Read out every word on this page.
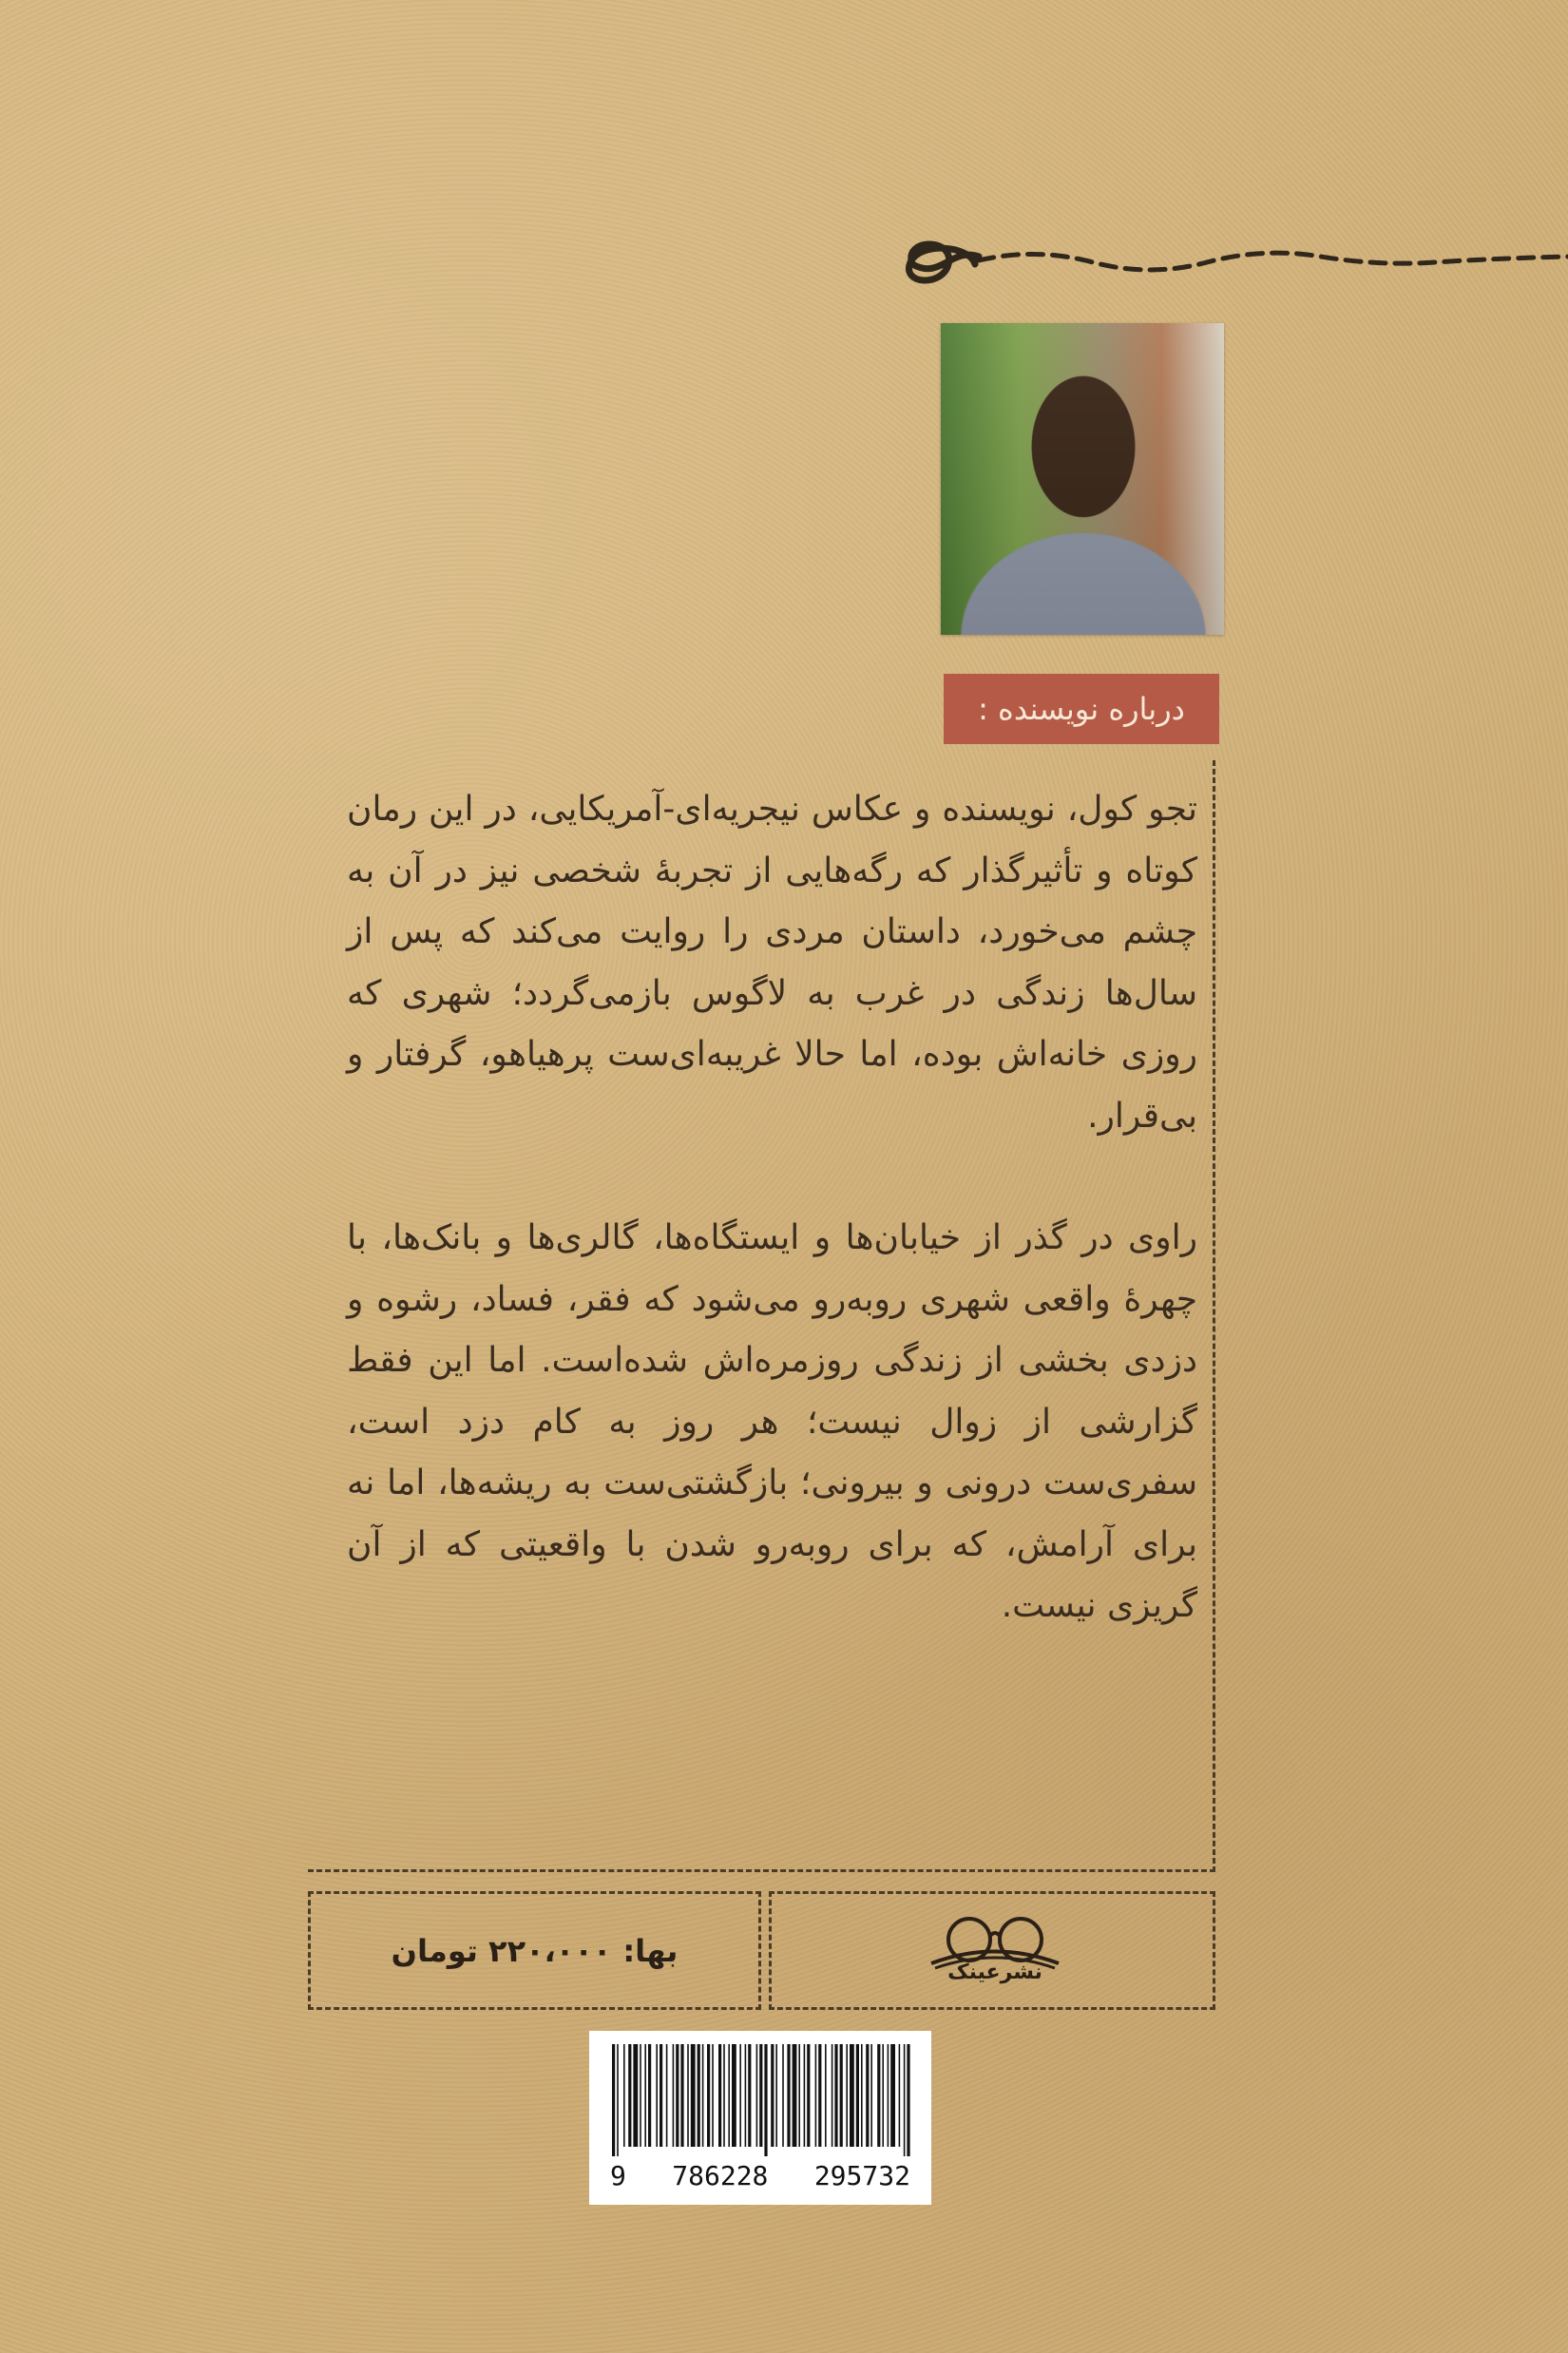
درباره نویسنده :

تجو کول، نویسنده و عکاس نیجریه‌ای-آمریکایی، در این رمان کوتاه و تأثیرگذار که رگه‌هایی از تجربهٔ شخصی نیز در آن به چشم می‌خورد، داستان مردی را روایت می‌کند که پس از سال‌ها زندگی در غرب به لاگوس بازمی‌گردد؛ شهری که روزی خانه‌اش بوده، اما حالا غریبه‌ای‌ست پرهیاهو، گرفتار و بی‌قرار.

راوی در گذر از خیابان‌ها و ایستگاه‌ها، گالری‌ها و بانک‌ها، با چهرهٔ واقعی شهری روبه‌رو می‌شود که فقر، فساد، رشوه و دزدی بخشی از زندگی روزمره‌اش شده‌است. اما این فقط گزارشی از زوال نیست؛ هر روز به کام دزد است، سفری‌ست درونی و بیرونی؛ بازگشتی‌ست به ریشه‌ها، اما نه برای آرامش، که برای روبه‌رو شدن با واقعیتی که از آن گریزی نیست.

بها:
۲۲۰،۰۰۰ تومان
نشرعینک
9 786228 295732
